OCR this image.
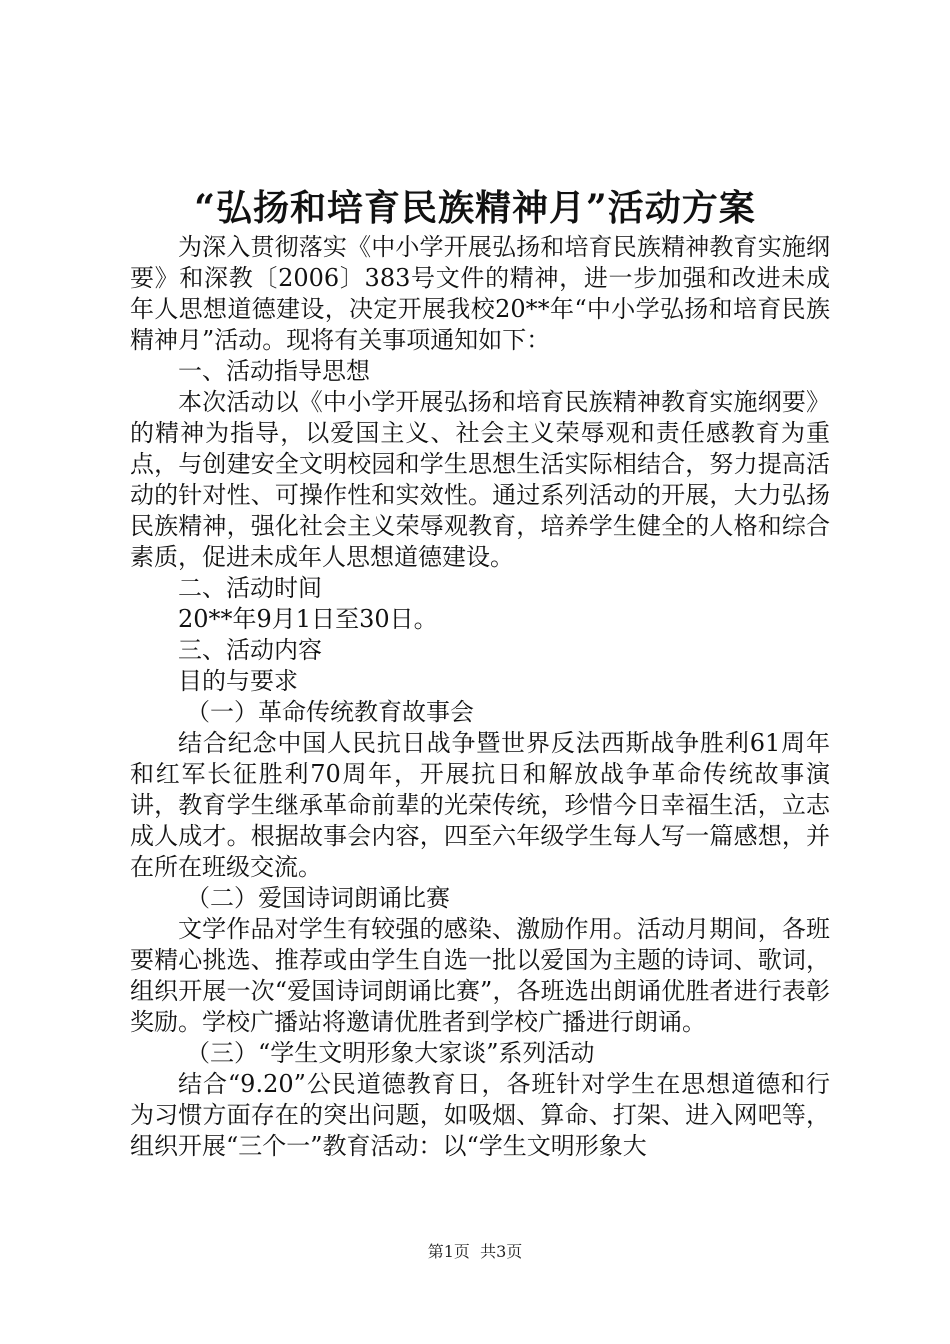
“弘扬和培育民族精神月”活动方案

为深入贯彻落实《中小学开展弘扬和培育民族精神教育实施纲要》和深教〔2006〕383号文件的精神，进一步加强和改进未成年人思想道德建设，决定开展我校20**年“中小学弘扬和培育民族精神月”活动。现将有关事项通知如下：

一、活动指导思想

本次活动以《中小学开展弘扬和培育民族精神教育实施纲要》的精神为指导，以爱国主义、社会主义荣辱观和责任感教育为重点，与创建安全文明校园和学生思想生活实际相结合，努力提高活动的针对性、可操作性和实效性。通过系列活动的开展，大力弘扬民族精神，强化社会主义荣辱观教育，培养学生健全的人格和综合素质，促进未成年人思想道德建设。

二、活动时间

20**年9月1日至30日。

三、活动内容

目的与要求

（一）革命传统教育故事会

结合纪念中国人民抗日战争暨世界反法西斯战争胜利61周年和红军长征胜利70周年，开展抗日和解放战争革命传统故事演讲，教育学生继承革命前辈的光荣传统，珍惜今日幸福生活，立志成人成才。根据故事会内容，四至六年级学生每人写一篇感想，并在所在班级交流。

（二）爱国诗词朗诵比赛

文学作品对学生有较强的感染、激励作用。活动月期间，各班要精心挑选、推荐或由学生自选一批以爱国为主题的诗词、歌词，组织开展一次“爱国诗词朗诵比赛”，各班选出朗诵优胜者进行表彰奖励。学校广播站将邀请优胜者到学校广播进行朗诵。

（三）“学生文明形象大家谈”系列活动

结合“9.20”公民道德教育日，各班针对学生在思想道德和行为习惯方面存在的突出问题，如吸烟、算命、打架、进入网吧等，组织开展“三个一”教育活动：以“学生文明形象大

第1页  共3页
